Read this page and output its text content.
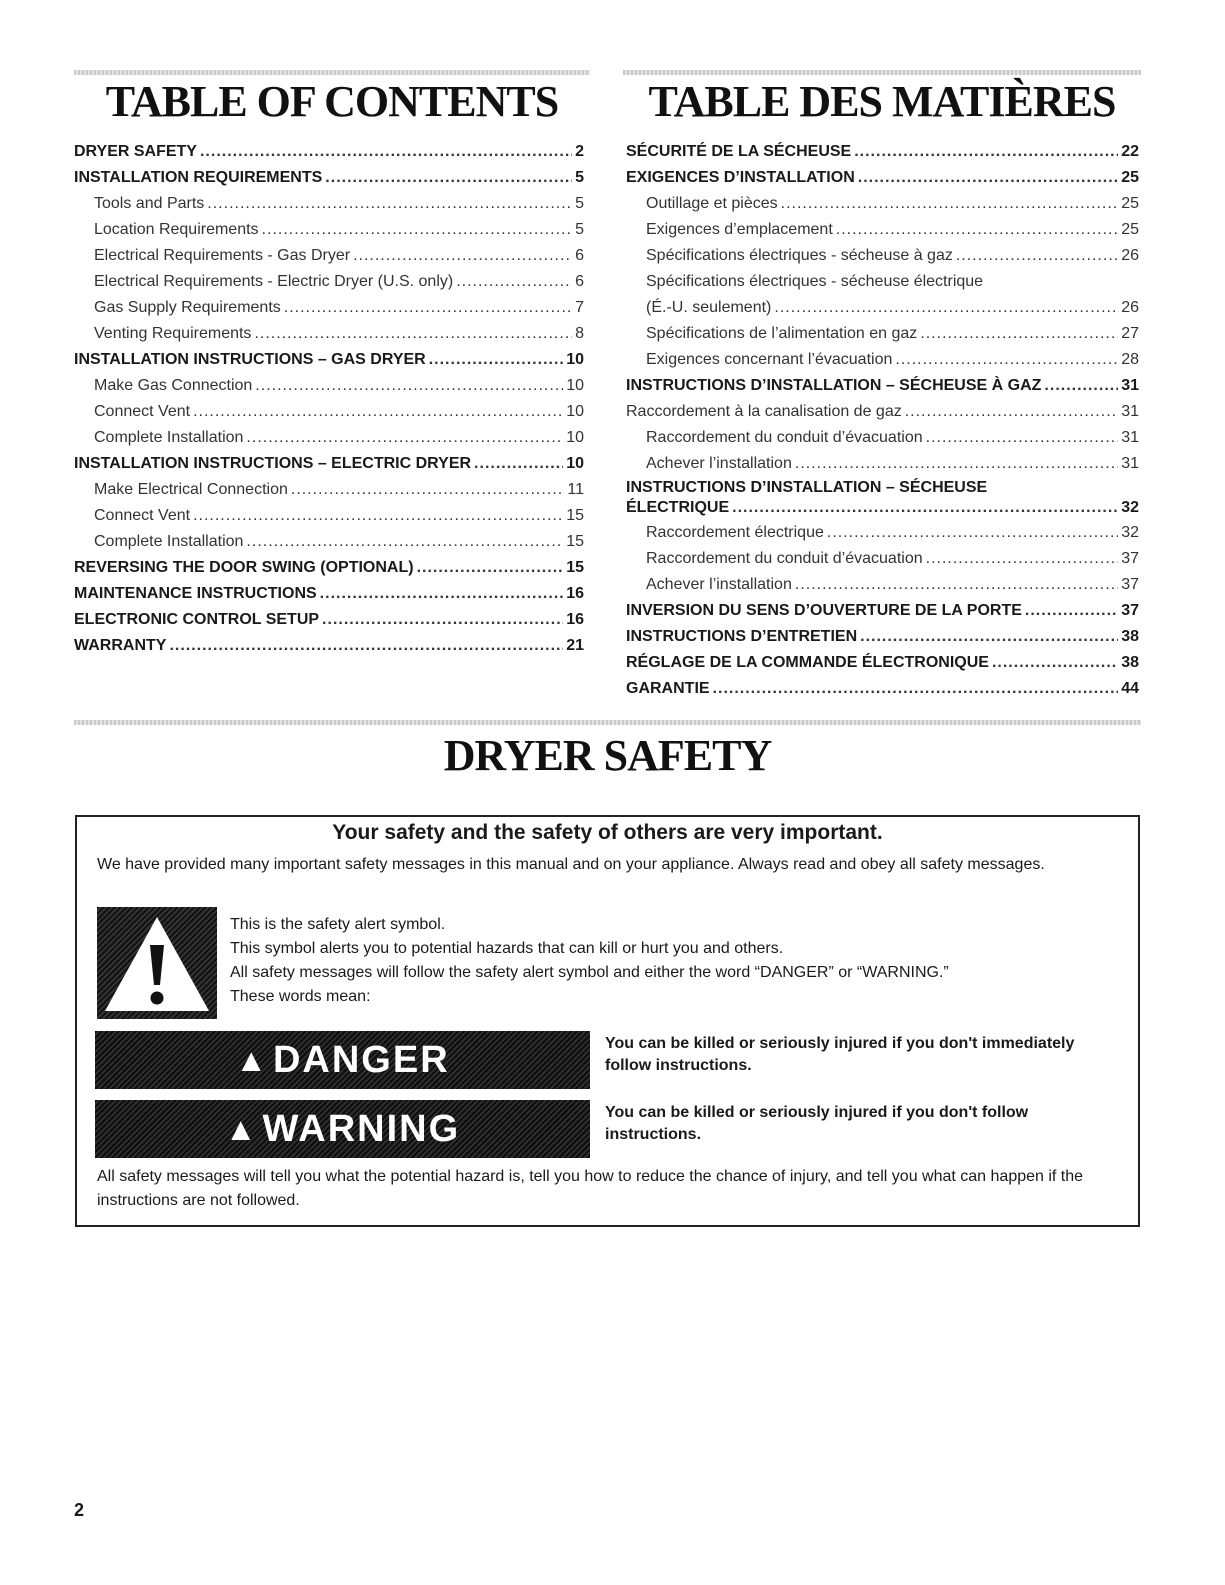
TABLE OF CONTENTS	TABLE DES MATIÈRES
DRYER SAFETY .....	2
INSTALLATION REQUIREMENTS .....	5
Tools and Parts .....	5
Location Requirements .....	5
Electrical Requirements - Gas Dryer .....	6
Electrical Requirements - Electric Dryer (U.S. only) .....	6
Gas Supply Requirements .....	7
Venting Requirements .....	8
INSTALLATION INSTRUCTIONS – GAS DRYER .....	10
Make Gas Connection .....	10
Connect Vent .....	10
Complete Installation .....	10
INSTALLATION INSTRUCTIONS – ELECTRIC DRYER .....	10
Make Electrical Connection .....	11
Connect Vent .....	15
Complete Installation .....	15
REVERSING THE DOOR SWING (OPTIONAL) .....	15
MAINTENANCE INSTRUCTIONS .....	16
ELECTRONIC CONTROL SETUP .....	16
WARRANTY .....	21
SÉCURITÉ DE LA SÉCHEUSE .....	22
EXIGENCES D’INSTALLATION .....	25
Outillage et pièces .....	25
Exigences d’emplacement .....	25
Spécifications électriques - sécheuse à gaz .....	26
Spécifications électriques - sécheuse électrique
(É.-U. seulement) .....	26
Spécifications de l’alimentation en gaz .....	27
Exigences concernant l’évacuation .....	28
INSTRUCTIONS D’INSTALLATION – SÉCHEUSE À GAZ .....	31
Raccordement à la canalisation de gaz .....	31
Raccordement du conduit d’évacuation .....	31
Achever l’installation .....	31
INSTRUCTIONS D’INSTALLATION – SÉCHEUSE
ÉLECTRIQUE .....	32
Raccordement électrique .....	32
Raccordement du conduit d’évacuation .....	37
Achever l’installation .....	37
INVERSION DU SENS D’OUVERTURE DE LA PORTE .....	37
INSTRUCTIONS D’ENTRETIEN .....	38
RÉGLAGE DE LA COMMANDE ÉLECTRONIQUE .....	38
GARANTIE .....	44
DRYER SAFETY
Your safety and the safety of others are very important.

We have provided many important safety messages in this manual and on your appliance. Always read and obey all safety messages.

This is the safety alert symbol.
This symbol alerts you to potential hazards that can kill or hurt you and others.
All safety messages will follow the safety alert symbol and either the word “DANGER” or “WARNING.”
These words mean:
▲ DANGER	You can be killed or seriously injured if you don't immediately follow instructions.
▲ WARNING	You can be killed or seriously injured if you don't follow instructions.

All safety messages will tell you what the potential hazard is, tell you how to reduce the chance of injury, and tell you what can happen if the instructions are not followed.

2
